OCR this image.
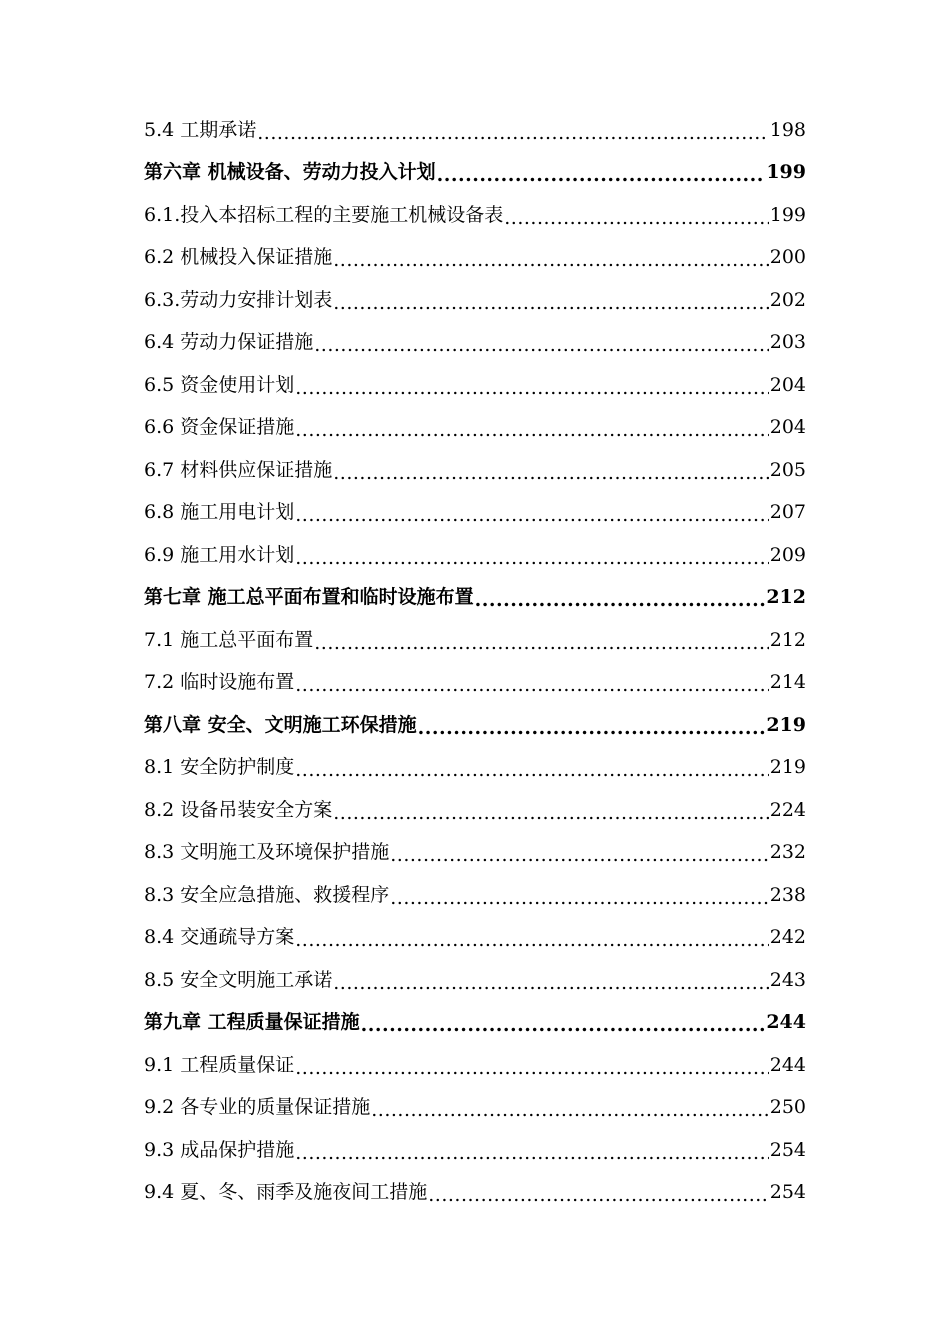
5.4 工期承诺 .....	198
第六章 机械设备、劳动力投入计划 .....	199
6.1.投入本招标工程的主要施工机械设备表 .....	199
6.2 机械投入保证措施 .....	200
6.3.劳动力安排计划表 .....	202
6.4 劳动力保证措施 .....	203
6.5 资金使用计划 .....	204
6.6 资金保证措施 .....	204
6.7 材料供应保证措施 .....	205
6.8 施工用电计划 .....	207
6.9 施工用水计划 .....	209
第七章 施工总平面布置和临时设施布置 .....	212
7.1 施工总平面布置 .....	212
7.2 临时设施布置 .....	214
第八章 安全、文明施工环保措施 .....	219
8.1 安全防护制度 .....	219
8.2 设备吊装安全方案 .....	224
8.3 文明施工及环境保护措施 .....	232
8.3 安全应急措施、救援程序 .....	238
8.4 交通疏导方案 .....	242
8.5 安全文明施工承诺 .....	243
第九章 工程质量保证措施 .....	244
9.1 工程质量保证 .....	244
9.2 各专业的质量保证措施 .....	250
9.3 成品保护措施 .....	254
9.4 夏、冬、雨季及施夜间工措施 .....	254
